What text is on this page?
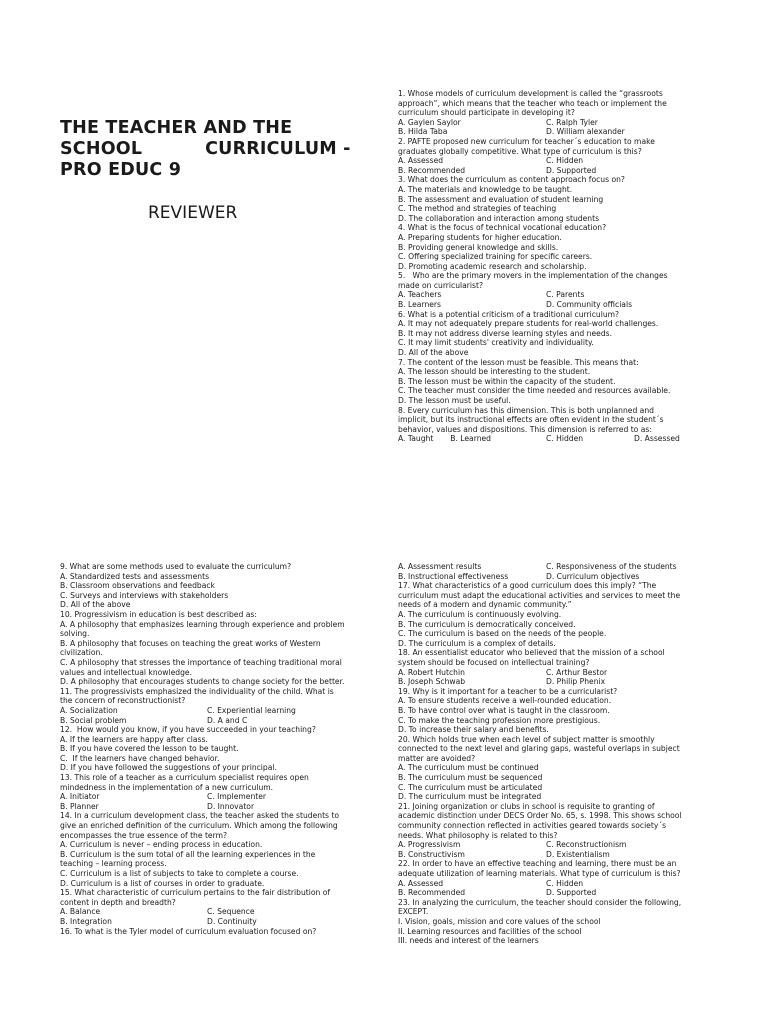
THE TEACHER AND THE
SCHOOL          CURRICULUM -
PRO EDUC 9
REVIEWER
1. Whose models of curriculum development is called the “grassroots
approach”, which means that the teacher who teach or implement the
curriculum should participate in developing it?
A. Gaylen Saylor	C. Ralph Tyler
B. Hilda Taba	D. William alexander
2. PAFTE proposed new curriculum for teacher´s education to make
graduates globally competitive. What type of curriculum is this?
A. Assessed	C. Hidden
B. Recommended	D. Supported
3. What does the curriculum as content approach focus on?
A. The materials and knowledge to be taught.
B. The assessment and evaluation of student learning
C. The method and strategies of teaching
D. The collaboration and interaction among students
4. What is the focus of technical vocational education?
A. Preparing students for higher education.
B. Providing general knowledge and skills.
C. Offering specialized training for specific careers.
D. Promoting academic research and scholarship.
5.   Who are the primary movers in the implementation of the changes
made on curricularist?
A. Teachers	C. Parents
B. Learners	D. Community officials
6. What is a potential criticism of a traditional curriculum?
A. It may not adequately prepare students for real-world challenges.
B. It may not address diverse learning styles and needs.
C. It may limit students' creativity and individuality.
D. All of the above
7. The content of the lesson must be feasible. This means that:
A. The lesson should be interesting to the student.
B. The lesson must be within the capacity of the student.
C. The teacher must consider the time needed and resources available.
D. The lesson must be useful.
8. Every curriculum has this dimension. This is both unplanned and
implicit, but its instructional effects are often evident in the student´s
behavior, values and dispositions. This dimension is referred to as:
A. Taught       B. Learned	C. Hidden	D. Assessed
9. What are some methods used to evaluate the curriculum?
A. Standardized tests and assessments
B. Classroom observations and feedback
C. Surveys and interviews with stakeholders
D. All of the above
10. Progressivism in education is best described as:
A. A philosophy that emphasizes learning through experience and problem
solving.
B. A philosophy that focuses on teaching the great works of Western
civilization.
C. A philosophy that stresses the importance of teaching traditional moral
values and intellectual knowledge.
D. A philosophy that encourages students to change society for the better.
11. The progressivists emphasized the individuality of the child. What is
the concern of reconstructionist?
A. Socialization	C. Experiential learning
B. Social problem	D. A and C
12.  How would you know, if you have succeeded in your teaching?
A. If the learners are happy after class.
B. If you have covered the lesson to be taught.
C.  If the learners have changed behavior.
D. If you have followed the suggestions of your principal.
13. This role of a teacher as a curriculum specialist requires open
mindedness in the implementation of a new curriculum.
A. Initiator	C. Implementer
B. Planner	D. Innovator
14. In a curriculum development class, the teacher asked the students to
give an enriched definition of the curriculum. Which among the following
encompasses the true essence of the term?
A. Curriculum is never – ending process in education.
B. Curriculum is the sum total of all the learning experiences in the
teaching – learning process.
C. Curriculum is a list of subjects to take to complete a course.
D. Curriculum is a list of courses in order to graduate.
15. What characteristic of curriculum pertains to the fair distribution of
content in depth and breadth?
A. Balance	C. Sequence
B. Integration	D. Continuity
16. To what is the Tyler model of curriculum evaluation focused on?
A. Assessment results	C. Responsiveness of the students
B. Instructional effectiveness	D. Curriculum objectives
17. What characteristics of a good curriculum does this imply? “The
curriculum must adapt the educational activities and services to meet the
needs of a modern and dynamic community.”
A. The curriculum is continuously evolving.
B. The curriculum is democratically conceived.
C. The curriculum is based on the needs of the people.
D. The curriculum is a complex of details.
18. An essentialist educator who believed that the mission of a school
system should be focused on intellectual training?
A. Robert Hutchin	C. Arthur Bestor
B. Joseph Schwab	D. Philip Phenix
19. Why is it important for a teacher to be a curricularist?
A. To ensure students receive a well-rounded education.
B. To have control over what is taught in the classroom.
C. To make the teaching profession more prestigious.
D. To increase their salary and benefits.
20. Which holds true when each level of subject matter is smoothly
connected to the next level and glaring gaps, wasteful overlaps in subject
matter are avoided?
A. The curriculum must be continued
B. The curriculum must be sequenced
C. The curriculum must be articulated
D. The curriculum must be integrated
21. Joining organization or clubs in school is requisite to granting of
academic distinction under DECS Order No. 65, s. 1998. This shows school
community connection reflected in activities geared towards society´s
needs. What philosophy is related to this?
A. Progressivism	C. Reconstructionism
B. Constructivism	D. Existentialism
22. In order to have an effective teaching and learning, there must be an
adequate utilization of learning materials. What type of curriculum is this?
A. Assessed	C. Hidden
B. Recommended	D. Supported
23. In analyzing the curriculum, the teacher should consider the following,
EXCEPT.
I. Vision, goals, mission and core values of the school
II. Learning resources and facilities of the school
III. needs and interest of the learners
